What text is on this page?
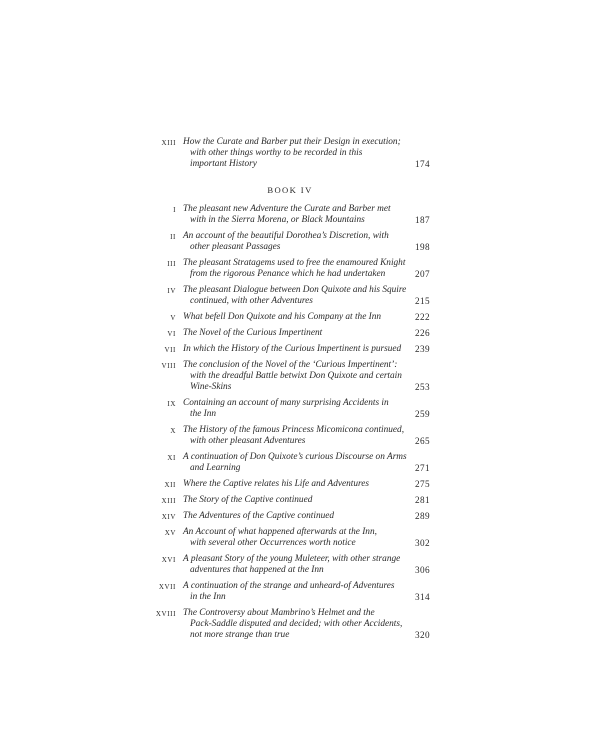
XIII How the Curate and Barber put their Design in execution;
with other things worthy to be recorded in this
important History	174
BOOK IV
I The pleasant new Adventure the Curate and Barber met
with in the Sierra Morena, or Black Mountains	187
II An account of the beautiful Dorothea’s Discretion, with
other pleasant Passages	198
III The pleasant Stratagems used to free the enamoured Knight
from the rigorous Penance which he had undertaken	207
IV The pleasant Dialogue between Don Quixote and his Squire
continued, with other Adventures	215
V What befell Don Quixote and his Company at the Inn	222
VI The Novel of the Curious Impertinent	226
VII In which the History of the Curious Impertinent is pursued 239
VIII The conclusion of the Novel of the ‘Curious Impertinent’:
with the dreadful Battle betwixt Don Quixote and certain
Wine-Skins	253
IX Containing an account of many surprising Accidents in
the Inn	259
X The History of the famous Princess Micomicona continued,
with other pleasant Adventures	265
XI A continuation of Don Quixote’s curious Discourse on Arms
and Learning	271
XII Where the Captive relates his Life and Adventures	275
XIII The Story of the Captive continued	281
XIV The Adventures of the Captive continued	289
XV An Account of what happened afterwards at the Inn,
with several other Occurrences worth notice	302
XVI A pleasant Story of the young Muleteer, with other strange
adventures that happened at the Inn	306
XVII A continuation of the strange and unheard-of Adventures
in the Inn	314
XVIII The Controversy about Mambrino’s Helmet and the
Pack-Saddle disputed and decided; with other Accidents,
not more strange than true	320
